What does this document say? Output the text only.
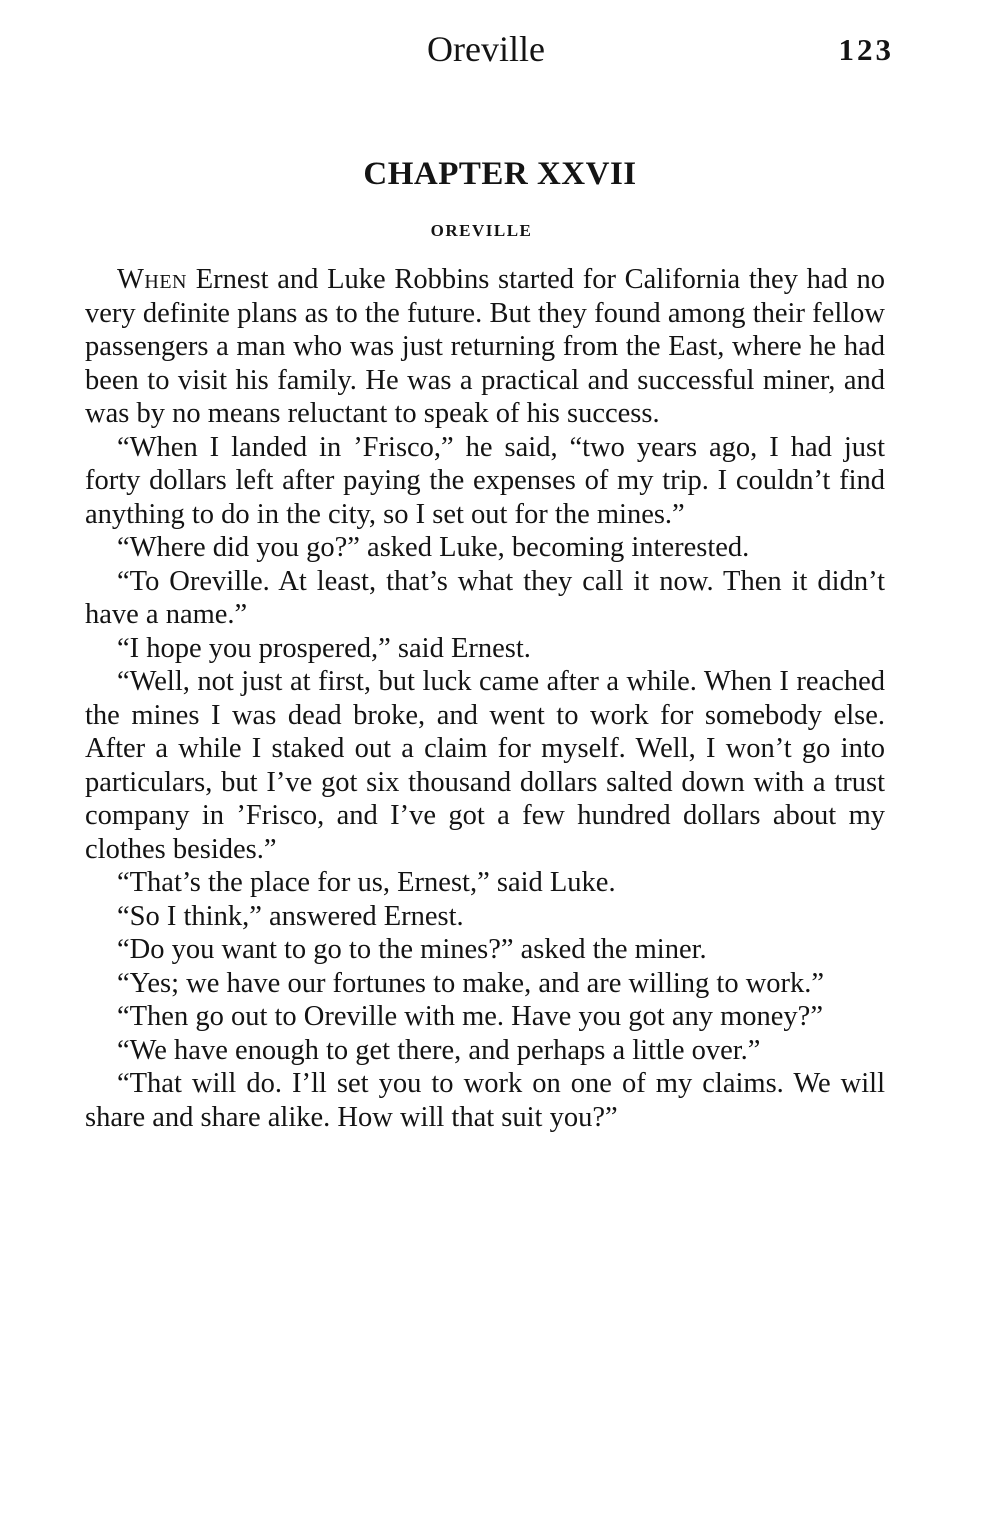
Oreville	123
CHAPTER XXVII
OREVILLE

When Ernest and Luke Robbins started for California they had no very definite plans as to the future. But they found among their fellow passengers a man who was just returning from the East, where he had been to visit his family. He was a practical and successful miner, and was by no means reluctant to speak of his success.

“When I landed in ’Frisco,” he said, “two years ago, I had just forty dollars left after paying the expenses of my trip. I couldn’t find anything to do in the city, so I set out for the mines.”

“Where did you go?” asked Luke, becoming interested.

“To Oreville. At least, that’s what they call it now. Then it didn’t have a name.”

“I hope you prospered,” said Ernest.

“Well, not just at first, but luck came after a while. When I reached the mines I was dead broke, and went to work for somebody else. After a while I staked out a claim for myself. Well, I won’t go into particulars, but I’ve got six thousand dollars salted down with a trust company in ’Frisco, and I’ve got a few hundred dollars about my clothes besides.”

“That’s the place for us, Ernest,” said Luke.

“So I think,” answered Ernest.

“Do you want to go to the mines?” asked the miner.

“Yes; we have our fortunes to make, and are willing to work.”

“Then go out to Oreville with me. Have you got any money?”

“We have enough to get there, and perhaps a little over.”

“That will do. I’ll set you to work on one of my claims. We will share and share alike. How will that suit you?”
